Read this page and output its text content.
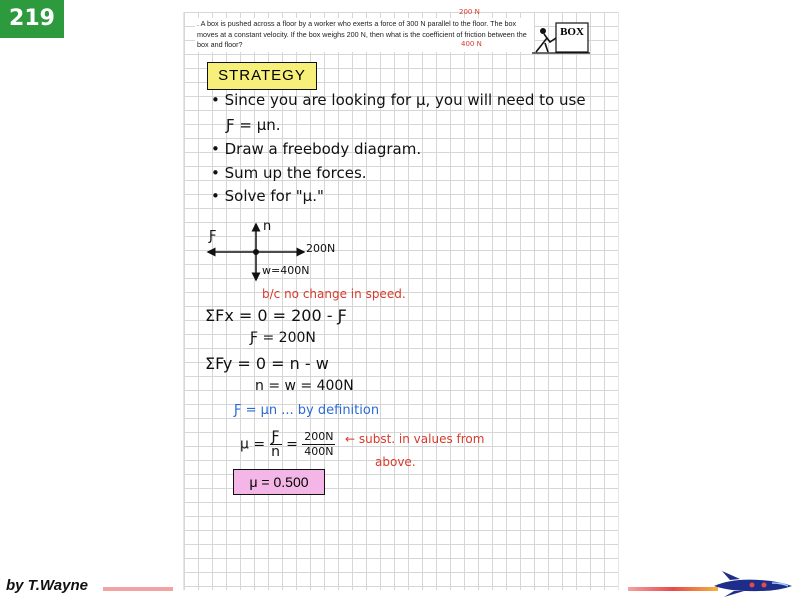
219	. A box is pushed across a floor by a worker who exerts a force of 300 N parallel to the floor. The box moves at a constant velocity. If the box weighs 200 N, then what is the coefficient of friction between the box and floor?
200 N
400 N
BOX
STRATEGY
• Since you are looking for μ, you will need to use
Ƒ = μn.
• Draw a freebody diagram.
• Sum up the forces.
• Solve for "μ."
n
Ƒ
200N
w=400N
b/c no change in speed.
ΣFx = 0 = 200 - Ƒ
Ƒ = 200N
ΣFy = 0 = n - w
n = w = 400N
Ƒ = μn ... by definition
$\mu = \frac{Ƒ}{n} = \frac{200N}{400N}$ ← subst. in values from
above.
μ = 0.500
by T.Wayne
